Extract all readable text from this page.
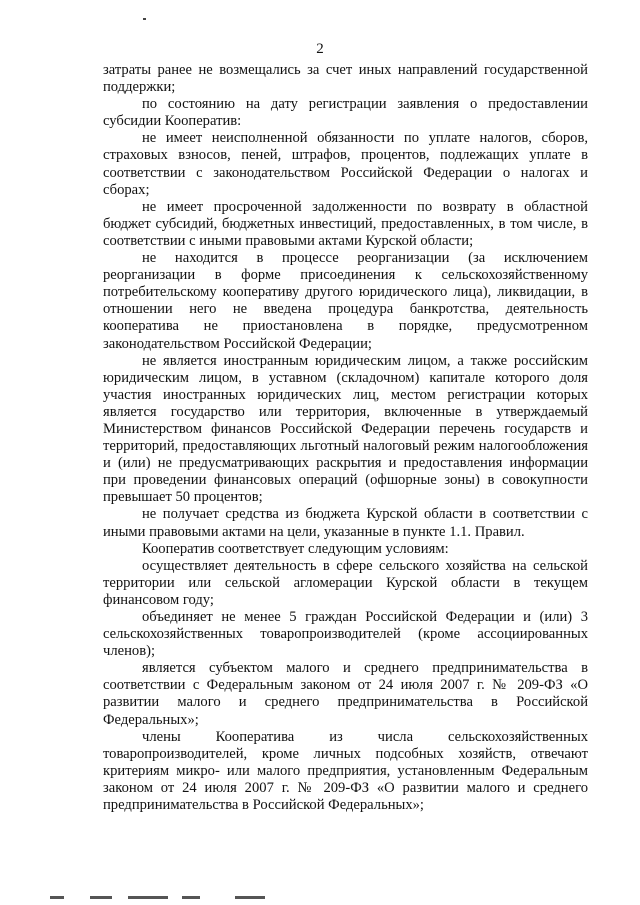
2

затраты ранее не возмещались за счет иных направлений государственной поддержки;

по состоянию на дату регистрации заявления о предоставлении субсидии Кооператив:

не имеет неисполненной обязанности по уплате налогов, сборов, страховых взносов, пеней, штрафов, процентов, подлежащих уплате в соответствии с законодательством Российской Федерации о налогах и сборах;

не имеет просроченной задолженности по возврату в областной бюджет субсидий, бюджетных инвестиций, предоставленных, в том числе, в соответствии с иными правовыми актами Курской области;

не находится в процессе реорганизации (за исключением реорганизации в форме присоединения к сельскохозяйственному потребительскому кооперативу другого юридического лица), ликвидации, в отношении него не введена процедура банкротства, деятельность кооператива не приостановлена в порядке, предусмотренном законодательством Российской Федерации;

не является иностранным юридическим лицом, а также российским юридическим лицом, в уставном (складочном) капитале которого доля участия иностранных юридических лиц, местом регистрации которых является государство или территория, включенные в утверждаемый Министерством финансов Российской Федерации перечень государств и территорий, предоставляющих льготный налоговый режим налогообложения и (или) не предусматривающих раскрытия и предоставления информации при проведении финансовых операций (офшорные зоны) в совокупности превышает 50 процентов;

не получает средства из бюджета Курской области в соответствии с иными правовыми актами на цели, указанные в пункте 1.1. Правил.

Кооператив соответствует следующим условиям:

осуществляет деятельность в сфере сельского хозяйства на сельской территории или сельской агломерации Курской области в текущем финансовом году;

объединяет не менее 5 граждан Российской Федерации и (или) 3 сельскохозяйственных товаропроизводителей (кроме ассоциированных членов);

является субъектом малого и среднего предпринимательства в соответствии с Федеральным законом от 24 июля 2007 г. № 209-ФЗ «О развитии малого и среднего предпринимательства в Российской Федеральных»;

члены Кооператива из числа сельскохозяйственных товаропроизводителей, кроме личных подсобных хозяйств, отвечают критериям микро- или малого предприятия, установленным Федеральным законом от 24 июля 2007 г. № 209-ФЗ «О развитии малого и среднего предпринимательства в Российской Федеральных»;
